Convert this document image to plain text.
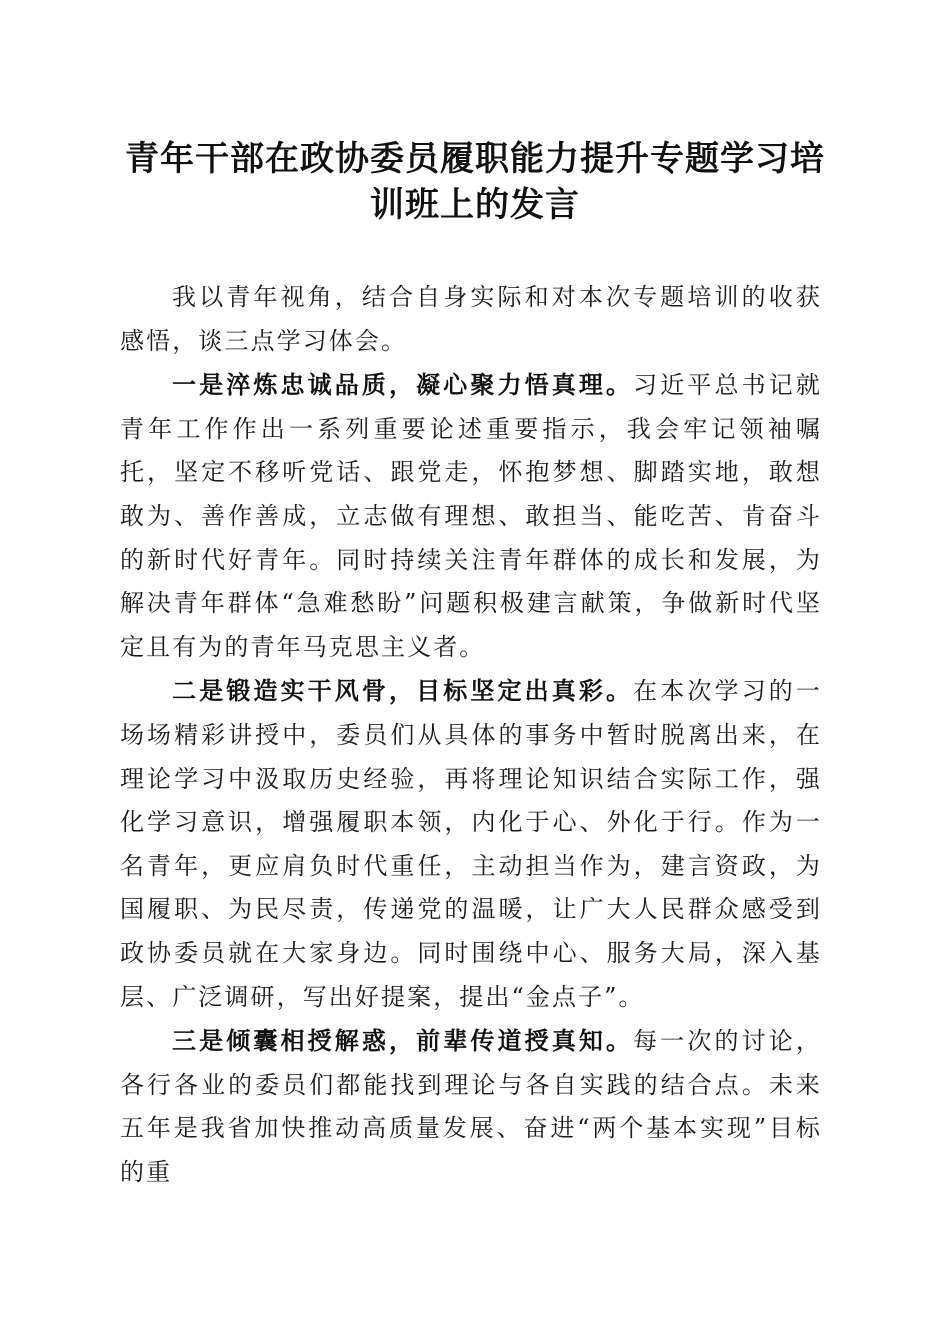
青年干部在政协委员履职能力提升专题学习培训班上的发言

我以青年视角，结合自身实际和对本次专题培训的收获感悟，谈三点学习体会。

一是淬炼忠诚品质，凝心聚力悟真理。习近平总书记就青年工作作出一系列重要论述重要指示，我会牢记领袖嘱托，坚定不移听党话、跟党走，怀抱梦想、脚踏实地，敢想敢为、善作善成，立志做有理想、敢担当、能吃苦、肯奋斗的新时代好青年。同时持续关注青年群体的成长和发展，为解决青年群体“急难愁盼”问题积极建言献策，争做新时代坚定且有为的青年马克思主义者。

二是锻造实干风骨，目标坚定出真彩。在本次学习的一场场精彩讲授中，委员们从具体的事务中暂时脱离出来，在理论学习中汲取历史经验，再将理论知识结合实际工作，强化学习意识，增强履职本领，内化于心、外化于行。作为一名青年，更应肩负时代重任，主动担当作为，建言资政，为国履职、为民尽责，传递党的温暖，让广大人民群众感受到政协委员就在大家身边。同时围绕中心、服务大局，深入基层、广泛调研，写出好提案，提出“金点子”。

三是倾囊相授解惑，前辈传道授真知。每一次的讨论，各行各业的委员们都能找到理论与各自实践的结合点。未来五年是我省加快推动高质量发展、奋进“两个基本实现”目标的重
